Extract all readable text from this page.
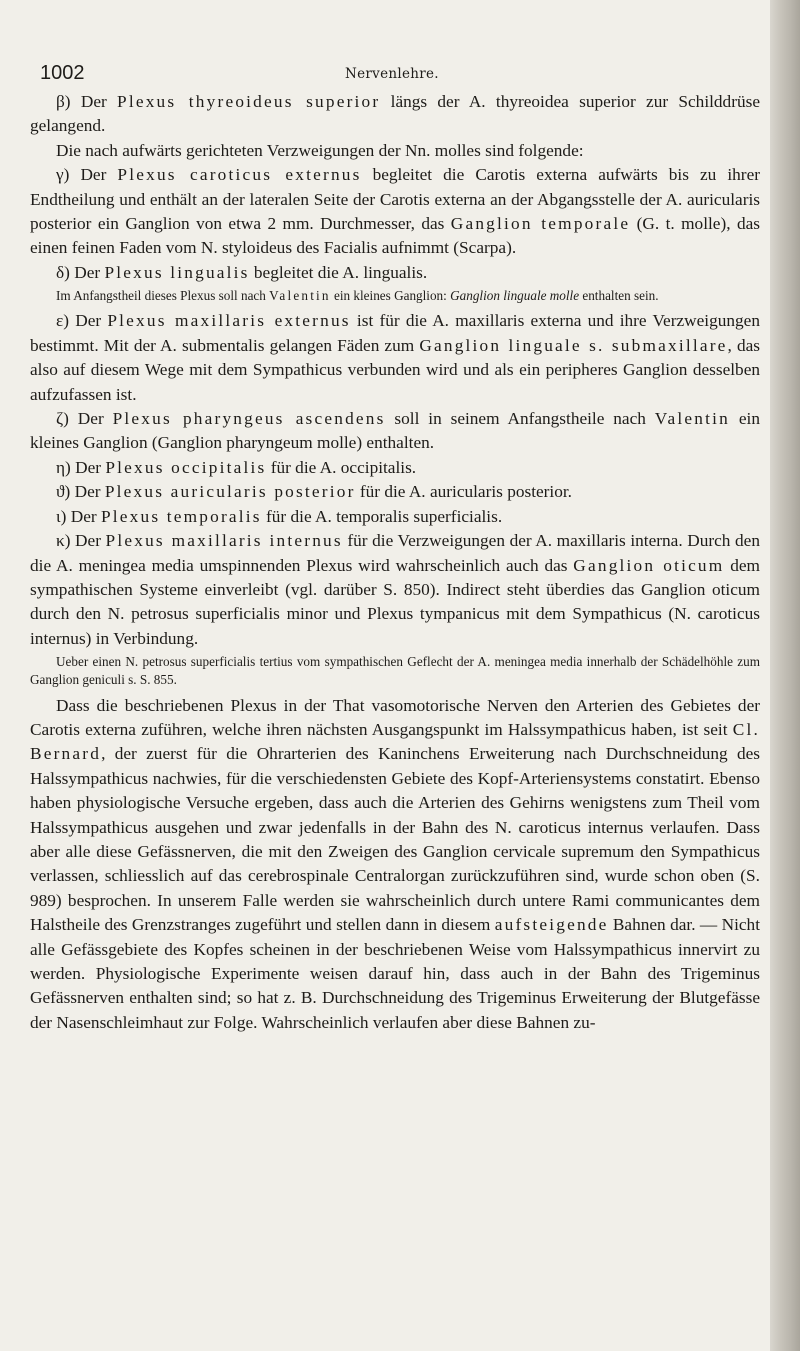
1002	Nervenlehre.

β) Der Plexus thyreoideus superior längs der A. thyreoidea superior zur Schilddrüse gelangend.

Die nach aufwärts gerichteten Verzweigungen der Nn. molles sind folgende:

γ) Der Plexus caroticus externus begleitet die Carotis externa aufwärts bis zu ihrer Endtheilung und enthält an der lateralen Seite der Carotis externa an der Abgangsstelle der A. auricularis posterior ein Ganglion von etwa 2 mm. Durchmesser, das Ganglion temporale (G. t. molle), das einen feinen Faden vom N. styloideus des Facialis aufnimmt (Scarpa).

δ) Der Plexus lingualis begleitet die A. lingualis.

Im Anfangstheil dieses Plexus soll nach Valentin ein kleines Ganglion: Ganglion linguale molle enthalten sein.

ε) Der Plexus maxillaris externus ist für die A. maxillaris externa und ihre Verzweigungen bestimmt. Mit der A. submentalis gelangen Fäden zum Ganglion linguale s. submaxillare, das also auf diesem Wege mit dem Sympathicus verbunden wird und als ein peripheres Ganglion desselben aufzufassen ist.

ζ) Der Plexus pharyngeus ascendens soll in seinem Anfangstheile nach Valentin ein kleines Ganglion (Ganglion pharyngeum molle) enthalten.

η) Der Plexus occipitalis für die A. occipitalis.

ϑ) Der Plexus auricularis posterior für die A. auricularis posterior.

ι) Der Plexus temporalis für die A. temporalis superficialis.

κ) Der Plexus maxillaris internus für die Verzweigungen der A. maxillaris interna. Durch den die A. meningea media umspinnenden Plexus wird wahrscheinlich auch das Ganglion oticum dem sympathischen Systeme einverleibt (vgl. darüber S. 850). Indirect steht überdies das Ganglion oticum durch den N. petrosus superficialis minor und Plexus tympanicus mit dem Sympathicus (N. caroticus internus) in Verbindung.

Ueber einen N. petrosus superficialis tertius vom sympathischen Geflecht der A. meningea media innerhalb der Schädelhöhle zum Ganglion geniculi s. S. 855.

Dass die beschriebenen Plexus in der That vasomotorische Nerven den Arterien des Gebietes der Carotis externa zuführen, welche ihren nächsten Ausgangspunkt im Halssympathicus haben, ist seit Cl. Bernard, der zuerst für die Ohrarterien des Kaninchens Erweiterung nach Durchschneidung des Halssympathicus nachwies, für die verschiedensten Gebiete des Kopf-Arteriensystems constatirt. Ebenso haben physiologische Versuche ergeben, dass auch die Arterien des Gehirns wenigstens zum Theil vom Halssympathicus ausgehen und zwar jedenfalls in der Bahn des N. caroticus internus verlaufen. Dass aber alle diese Gefässnerven, die mit den Zweigen des Ganglion cervicale supremum den Sympathicus verlassen, schliesslich auf das cerebrospinale Centralorgan zurückzuführen sind, wurde schon oben (S. 989) besprochen. In unserem Falle werden sie wahrscheinlich durch untere Rami communicantes dem Halstheile des Grenzstranges zugeführt und stellen dann in diesem aufsteigende Bahnen dar. — Nicht alle Gefässgebiete des Kopfes scheinen in der beschriebenen Weise vom Halssympathicus innervirt zu werden. Physiologische Experimente weisen darauf hin, dass auch in der Bahn des Trigeminus Gefässnerven enthalten sind; so hat z. B. Durchschneidung des Trigeminus Erweiterung der Blutgefässe der Nasenschleimhaut zur Folge. Wahrscheinlich verlaufen aber diese Bahnen zu-
